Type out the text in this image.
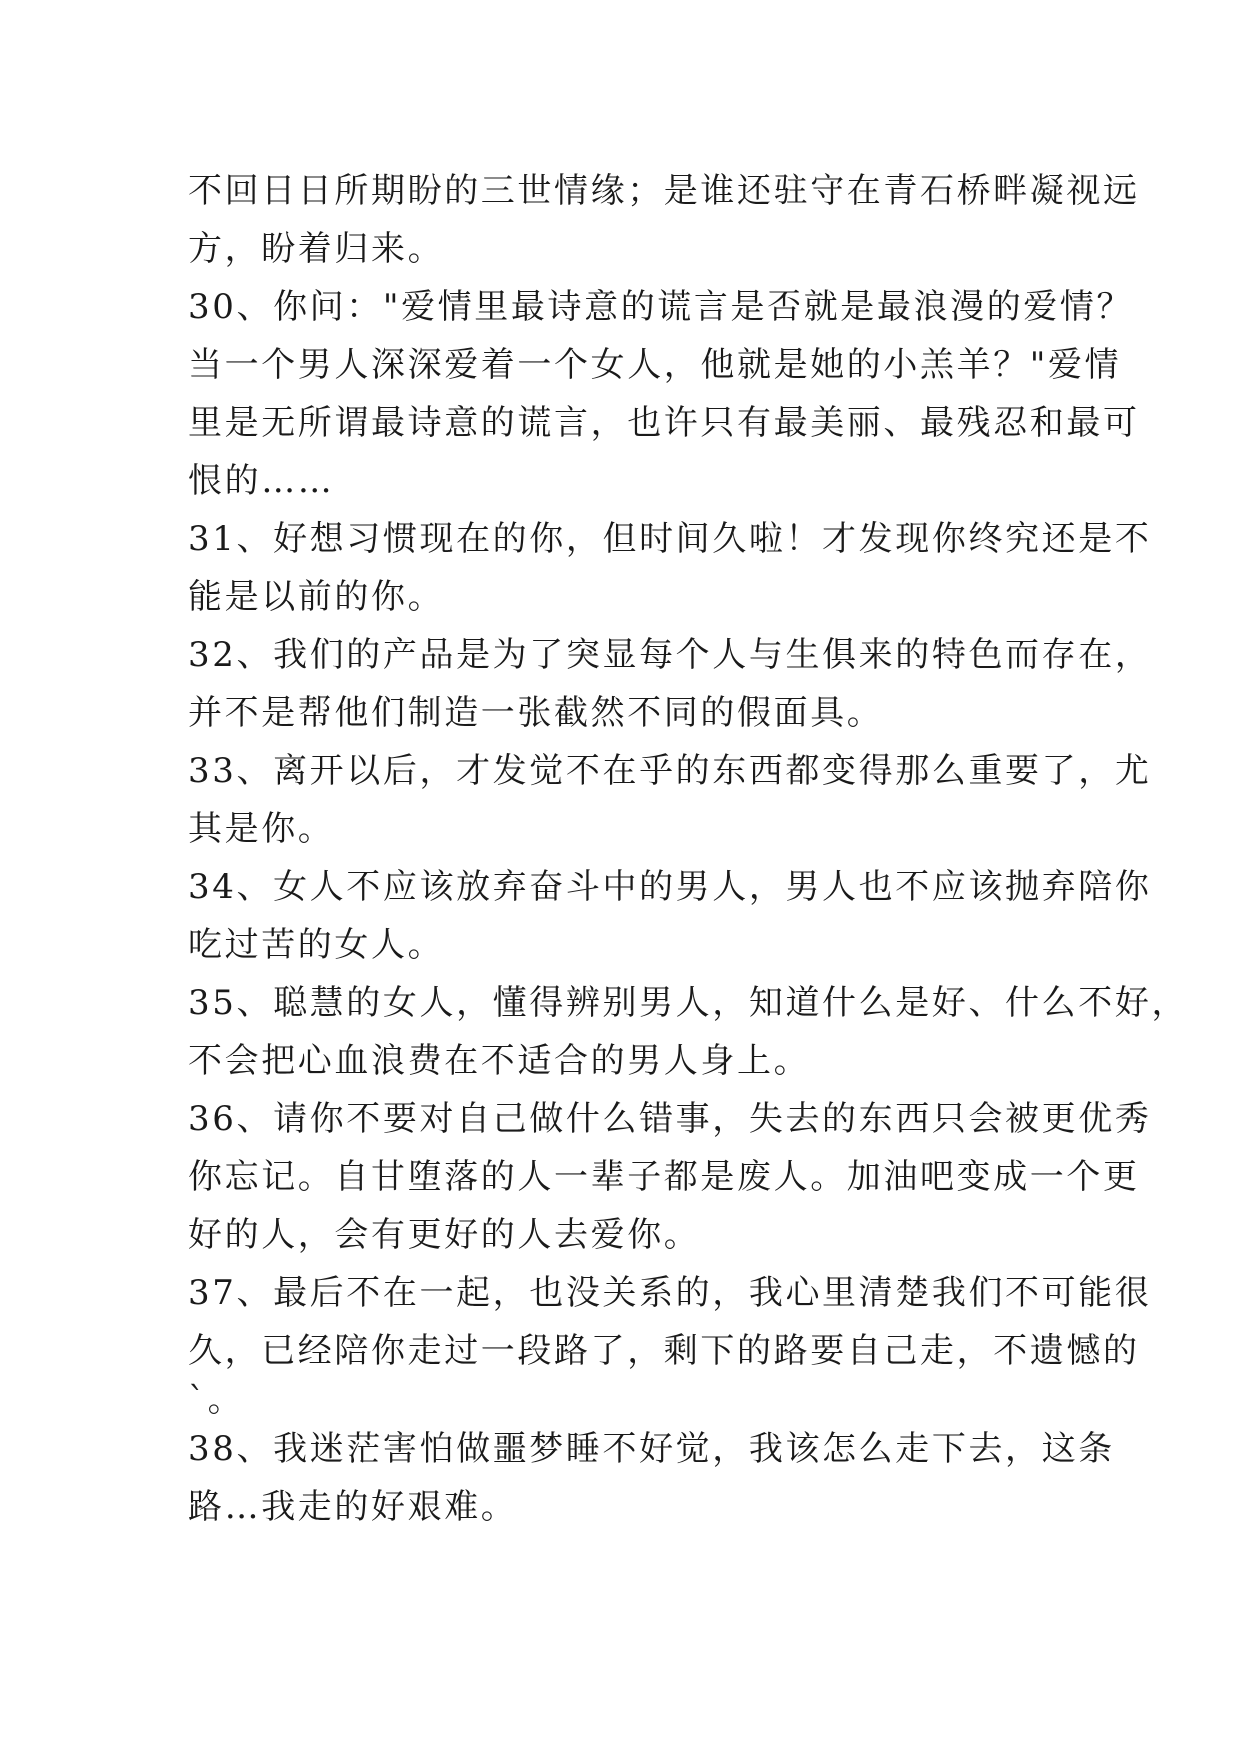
不回日日所期盼的三世情缘；是谁还驻守在青石桥畔凝视远
方，盼着归来。
30、你问："爱情里最诗意的谎言是否就是最浪漫的爱情？
当一个男人深深爱着一个女人，他就是她的小羔羊？"爱情
里是无所谓最诗意的谎言，也许只有最美丽、最残忍和最可
恨的……
31、好想习惯现在的你，但时间久啦！才发现你终究还是不
能是以前的你。
32、我们的产品是为了突显每个人与生俱来的特色而存在，
并不是帮他们制造一张截然不同的假面具。
33、离开以后，才发觉不在乎的东西都变得那么重要了，尤
其是你。
34、女人不应该放弃奋斗中的男人，男人也不应该抛弃陪你
吃过苦的女人。
35、聪慧的女人，懂得辨别男人，知道什么是好、什么不好，
不会把心血浪费在不适合的男人身上。
36、请你不要对自己做什么错事，失去的东西只会被更优秀
你忘记。自甘堕落的人一辈子都是废人。加油吧变成一个更
好的人，会有更好的人去爱你。
37、最后不在一起，也没关系的，我心里清楚我们不可能很
久，已经陪你走过一段路了，剩下的路要自己走，不遗憾的
`。
38、我迷茫害怕做噩梦睡不好觉，我该怎么走下去，这条
路…我走的好艰难。
